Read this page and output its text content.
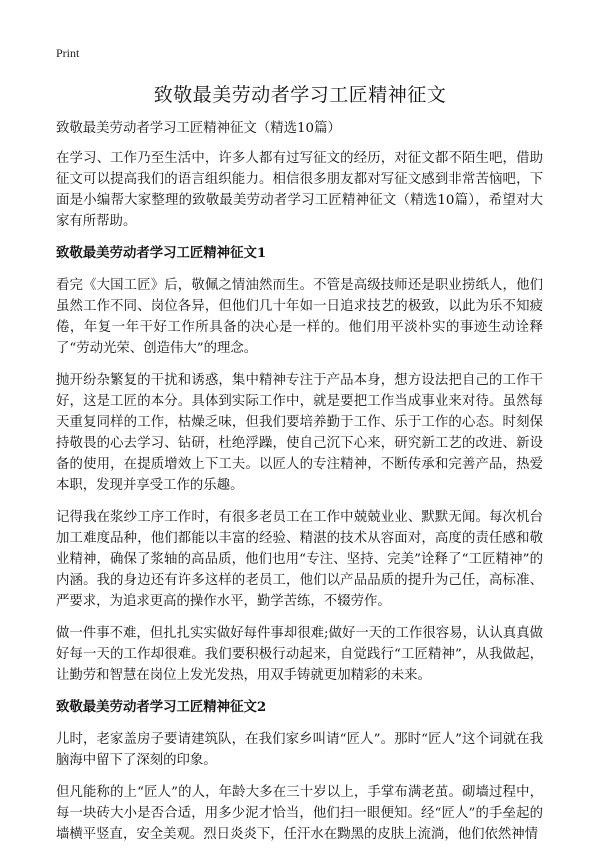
Print
致敬最美劳动者学习工匠精神征文

致敬最美劳动者学习工匠精神征文（精选10篇）

在学习、工作乃至生活中，许多人都有过写征文的经历，对征文都不陌生吧，借助征文可以提高我们的语言组织能力。相信很多朋友都对写征文感到非常苦恼吧，下面是小编帮大家整理的致敬最美劳动者学习工匠精神征文（精选10篇），希望对大家有所帮助。

致敬最美劳动者学习工匠精神征文1

看完《大国工匠》后，敬佩之情油然而生。不管是高级技师还是职业捞纸人，他们虽然工作不同、岗位各异，但他们几十年如一日追求技艺的极致，以此为乐不知疲倦，年复一年干好工作所具备的决心是一样的。他们用平淡朴实的事迹生动诠释了“劳动光荣、创造伟大”的理念。

抛开纷杂繁复的干扰和诱惑，集中精神专注于产品本身，想方设法把自己的工作干好，这是工匠的本分。具体到实际工作中，就是要把工作当成事业来对待。虽然每天重复同样的工作，枯燥乏味，但我们要培养勤于工作、乐于工作的心态。时刻保持敬畏的心去学习、钻研，杜绝浮躁，使自己沉下心来，研究新工艺的改进、新设备的使用，在提质增效上下工夫。以匠人的专注精神，不断传承和完善产品，热爱本职，发现并享受工作的乐趣。

记得我在浆纱工序工作时，有很多老员工在工作中兢兢业业、默默无闻。每次机台加工难度品种，他们都能以丰富的经验、精湛的技术从容面对，高度的责任感和敬业精神，确保了浆轴的高品质，他们也用“专注、坚持、完美”诠释了“工匠精神”的内涵。我的身边还有许多这样的老员工，他们以产品品质的提升为己任，高标准、严要求，为追求更高的操作水平，勤学苦练，不辍劳作。

做一件事不难，但扎扎实实做好每件事却很难;做好一天的工作很容易，认认真真做好每一天的工作却很难。我们要积极行动起来，自觉践行“工匠精神”，从我做起，让勤劳和智慧在岗位上发光发热，用双手铸就更加精彩的未来。

致敬最美劳动者学习工匠精神征文2

儿时，老家盖房子要请建筑队，在我们家乡叫请“匠人”。那时“匠人”这个词就在我脑海中留下了深刻的印象。

但凡能称的上“匠人”的人，年龄大多在三十岁以上，手掌布满老茧。砌墙过程中，每一块砖大小是否合适，用多少泥才恰当，他们扫一眼便知。经“匠人”的手垒起的墙横平竖直，安全美观。烈日炎炎下，任汗水在黝黑的皮肤上流淌，他们依然神情
